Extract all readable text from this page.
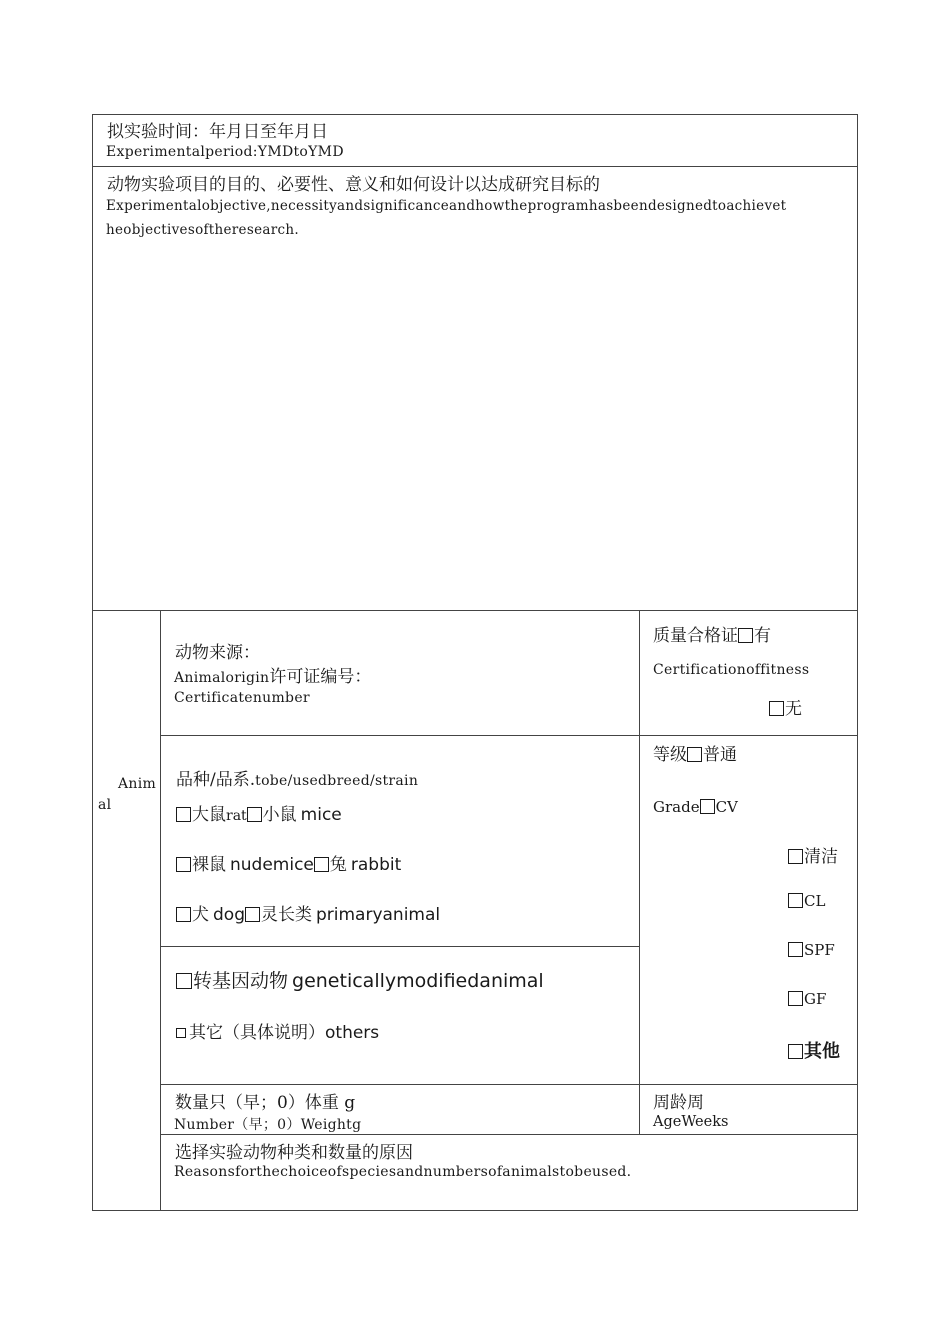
拟实验时间：年月日至年月日
Experimentalperiod:YMDtoYMD
动物实验项目的目的、必要性、意义和如何设计以达成研究目标的
Experimentalobjective,necessityandsignificanceandhowtheprogramhasbeendesignedtoachievet
heobjectivesoftheresearch.
Anim
al
动物来源：
Animalorigin许可证编号：
Certificatenumber
质量合格证 有
Certificationoffitness
无
品种/品系.tobe/usedbreed/strain
大鼠rat 小鼠 mice
裸鼠 nudemice 兔 rabbit
犬 dog 灵长类 primaryanimal
转基因动物 geneticallymodifiedanimal
其它（具体说明）others
等级 普通
Grade CV
清洁
CL
SPF
GF
其他
数量只（早；0）体重 g
Number（早；0）Weightg
周龄周
AgeWeeks
选择实验动物种类和数量的原因
Reasonsforthechoiceofspeciesandnumbersofanimalstobeused.
